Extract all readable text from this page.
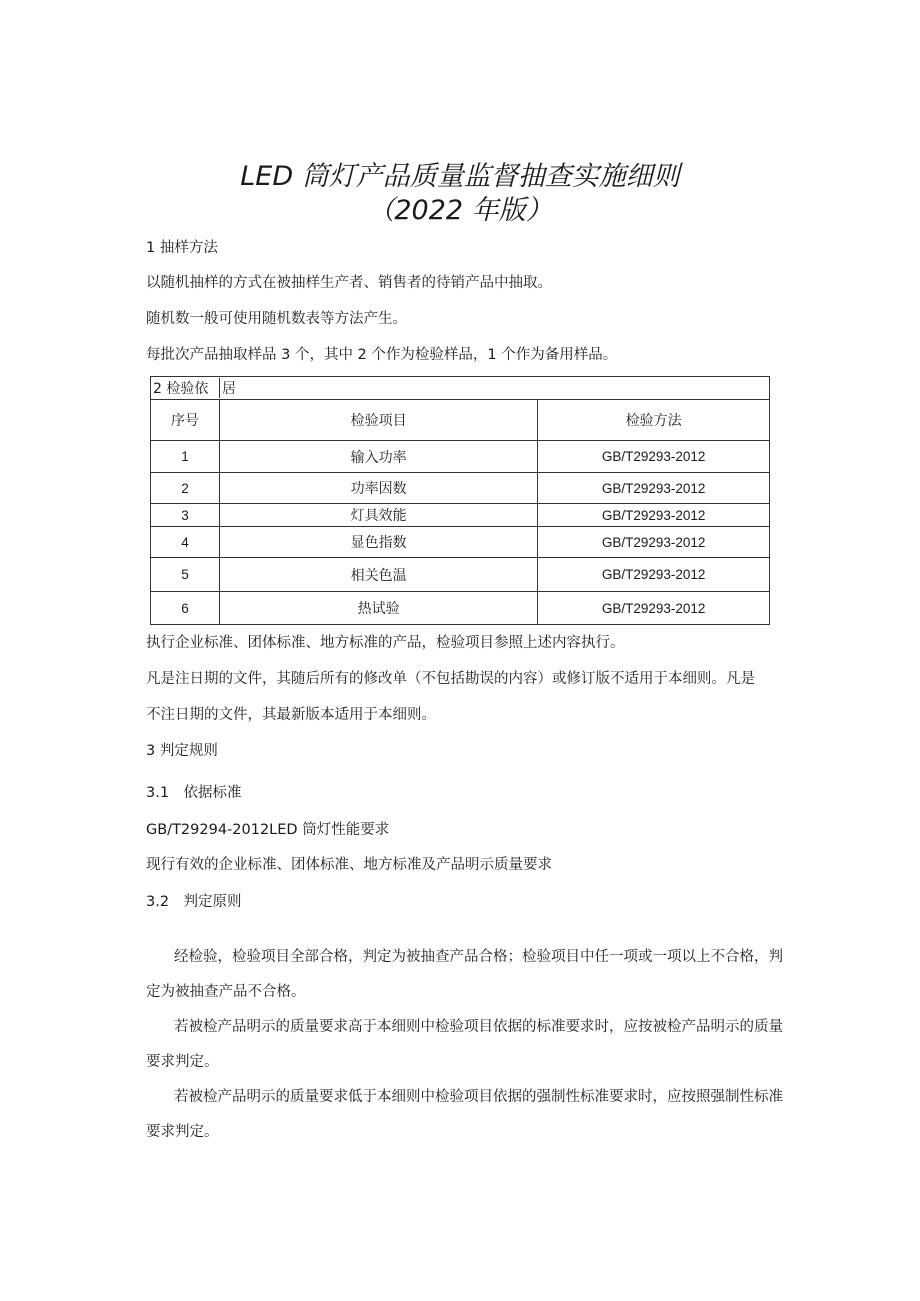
LED 筒灯产品质量监督抽查实施细则
（2022 年版）
1 抽样方法
以随机抽样的方式在被抽样生产者、销售者的待销产品中抽取。
随机数一般可使用随机数表等方法产生。
每批次产品抽取样品 3 个，其中 2 个作为检验样品，1 个作为备用样品。
2 检验依 居		
序号	检验项目	检验方法
1	输入功率	GB/T29293-2012
2	功率因数	GB/T29293-2012
3	灯具效能	GB/T29293-2012
4	显色指数	GB/T29293-2012
5	相关色温	GB/T29293-2012
6	热试验	GB/T29293-2012
执行企业标准、团体标准、地方标准的产品，检验项目参照上述内容执行。
凡是注日期的文件，其随后所有的修改单（不包括勘误的内容）或修订版不适用于本细则。凡是
不注日期的文件，其最新版本适用于本细则。
3 判定规则
3.1　依据标准
GB/T29294-2012LED 筒灯性能要求
现行有效的企业标准、团体标准、地方标准及产品明示质量要求
3.2　判定原则
经检验，检验项目全部合格，判定为被抽查产品合格；检验项目中任一项或一项以上不合格，判
定为被抽查产品不合格。
若被检产品明示的质量要求高于本细则中检验项目依据的标准要求时，应按被检产品明示的质量
要求判定。
若被检产品明示的质量要求低于本细则中检验项目依据的强制性标准要求时，应按照强制性标准
要求判定。
